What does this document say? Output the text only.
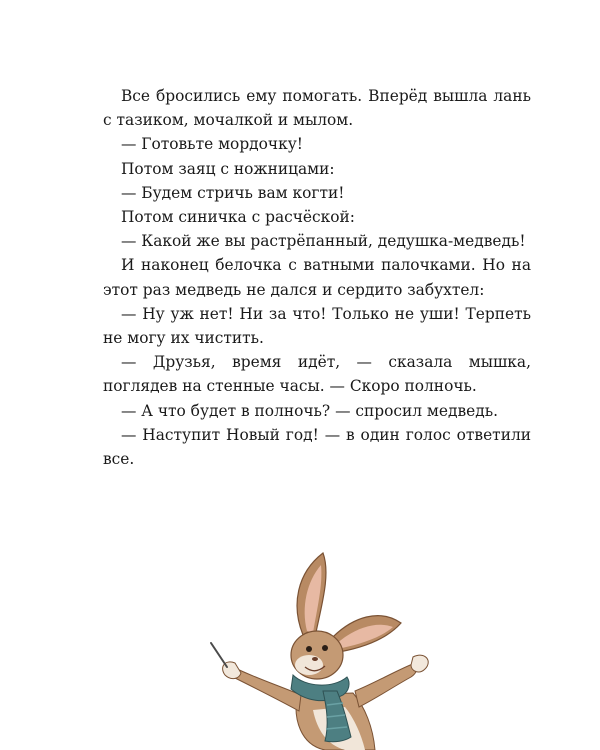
Все бросились ему помогать. Вперёд вышла лань с тазиком, мочалкой и мылом.

— Готовьте мордочку!

Потом заяц с ножницами:

— Будем стричь вам когти!

Потом синичка с расчёской:

— Какой же вы растрёпанный, дедушка-медведь!

И наконец белочка с ватными палочками. Но на этот раз медведь не дался и сердито забухтел:

— Ну уж нет! Ни за что! Только не уши! Терпеть не могу их чистить.

— Друзья, время идёт, — сказала мышка, поглядев на стенные часы. — Скоро полночь.

— А что будет в полночь? — спросил медведь.

— Наступит Новый год! — в один голос ответили все.
